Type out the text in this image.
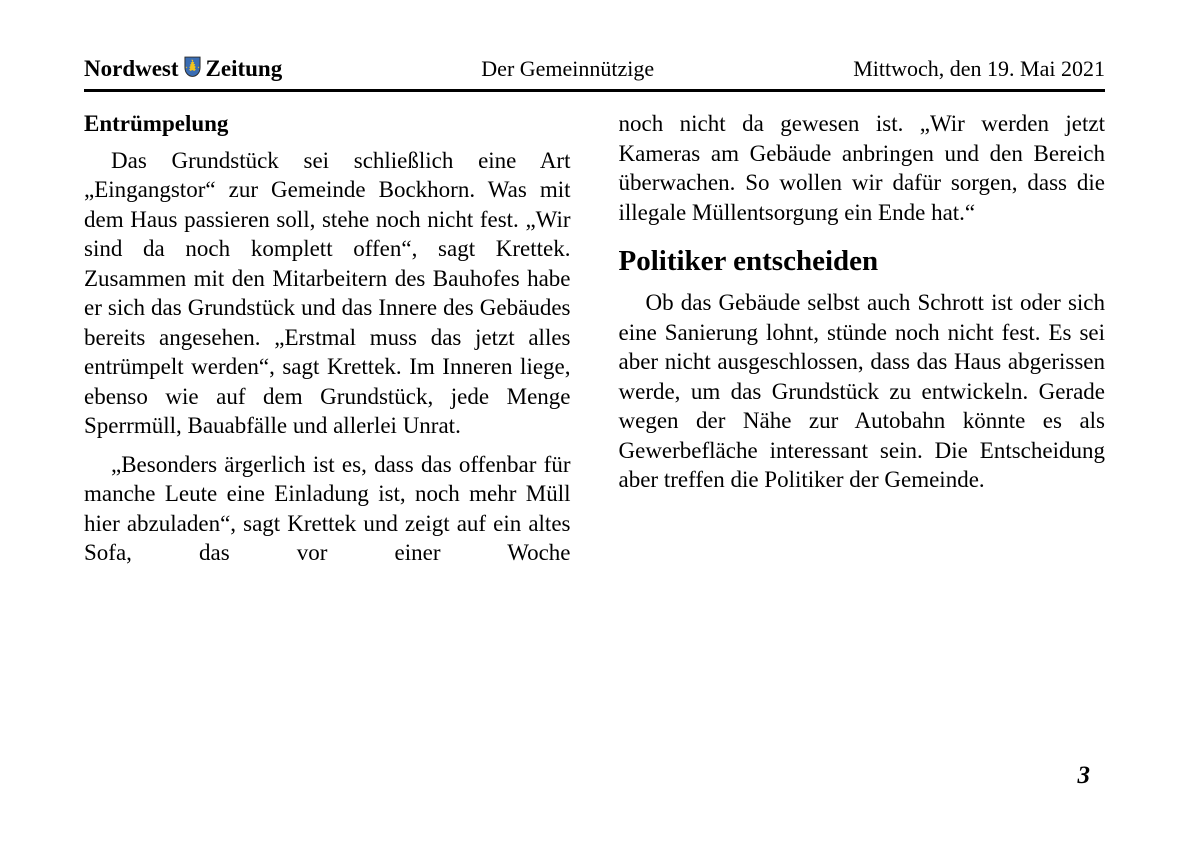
Nordwest Zeitung	Der Gemeinnützige	Mittwoch, den 19. Mai 2021
Entrümpelung

Das Grundstück sei schließlich eine Art „Eingangstor“ zur Gemeinde Bockhorn. Was mit dem Haus passieren soll, stehe noch nicht fest. „Wir sind da noch komplett offen“, sagt Krettek. Zusammen mit den Mitarbeitern des Bauhofes habe er sich das Grundstück und das Innere des Gebäudes bereits angesehen. „Erstmal muss das jetzt alles entrümpelt werden“, sagt Krettek. Im Inneren liege, ebenso wie auf dem Grundstück, jede Menge Sperrmüll, Bauabfälle und allerlei Unrat.

„Besonders ärgerlich ist es, dass das offenbar für manche Leute eine Einladung ist, noch mehr Müll hier abzuladen“, sagt Krettek und zeigt auf ein altes Sofa, das vor einer Woche

noch nicht da gewesen ist. „Wir werden jetzt Kameras am Gebäude anbringen und den Bereich überwachen. So wollen wir dafür sorgen, dass die illegale Müllentsorgung ein Ende hat.“

Politiker entscheiden

Ob das Gebäude selbst auch Schrott ist oder sich eine Sanierung lohnt, stünde noch nicht fest. Es sei aber nicht ausgeschlossen, dass das Haus abgerissen werde, um das Grundstück zu entwickeln. Gerade wegen der Nähe zur Autobahn könnte es als Gewerbefläche interessant sein. Die Entscheidung aber treffen die Politiker der Gemeinde.

3
